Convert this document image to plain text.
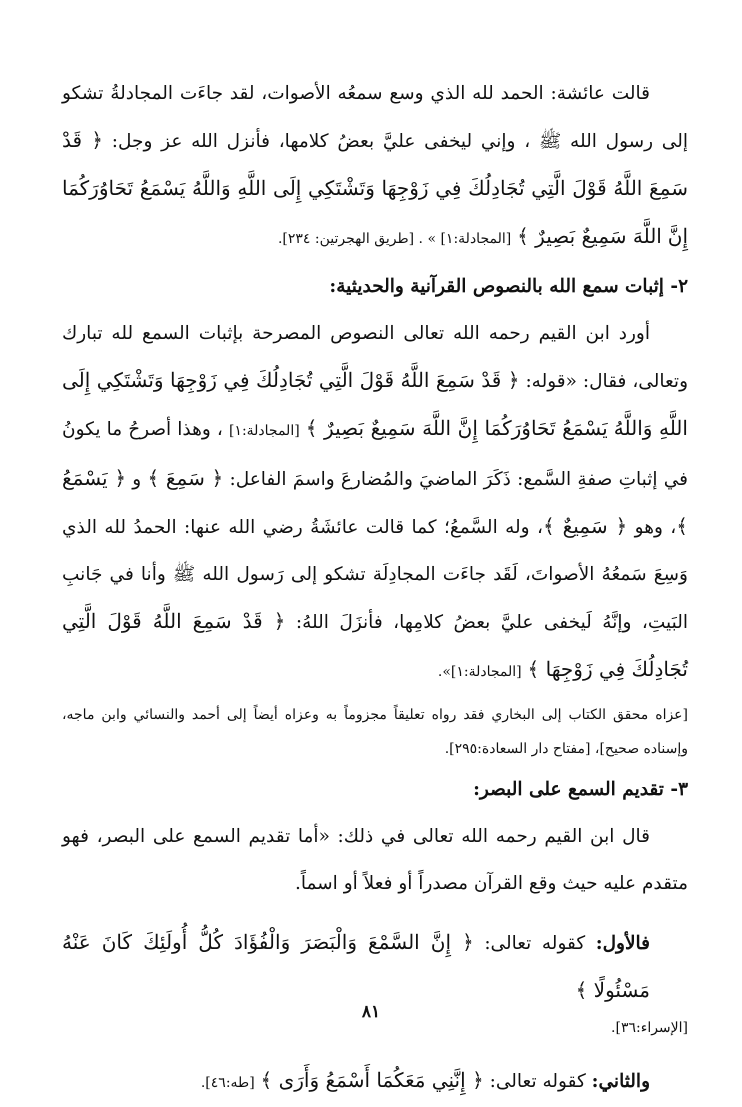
قالت عائشة: الحمد لله الذي وسع سمعُه الأصوات، لقد جاءَت المجادلةُ تشكو إلى رسول الله ﷺ ، وإني ليخفى عليَّ بعضُ كلامها، فأنزل الله عز وجل: ﴿ قَدْ سَمِعَ اللَّهُ قَوْلَ الَّتِي تُجَادِلُكَ فِي زَوْجِهَا وَتَشْتَكِي إِلَى اللَّهِ وَاللَّهُ يَسْمَعُ تَحَاوُرَكُمَا إِنَّ اللَّهَ سَمِيعٌ بَصِيرٌ ﴾ [المجادلة:١] » . [طريق الهجرتين: ٢٣٤].

٢- إثبات سمع الله بالنصوص القرآنية والحديثية:

أورد ابن القيم رحمه الله تعالى النصوص المصرحة بإثبات السمع لله تبارك وتعالى، فقال: «قوله: ﴿ قَدْ سَمِعَ اللَّهُ قَوْلَ الَّتِي تُجَادِلُكَ فِي زَوْجِهَا وَتَشْتَكِي إِلَى اللَّهِ وَاللَّهُ يَسْمَعُ تَحَاوُرَكُمَا إِنَّ اللَّهَ سَمِيعٌ بَصِيرٌ ﴾ [المجادلة:١] ، وهذا أصرحُ ما يكونُ في إثباتِ صفةِ السَّمع: ذَكَرَ الماضيَ والمُضارعَ واسمَ الفاعل: ﴿ سَمِعَ ﴾ و ﴿ يَسْمَعُ ﴾، وهو ﴿ سَمِيعٌ ﴾، وله السَّمعُ؛ كما قالت عائشَةُ رضي الله عنها: الحمدُ لله الذي وَسِعَ سَمعُهُ الأصواتَ، لَقَد جاءَت المجادِلَة تشكو إلى رَسول الله ﷺ وأنا في جَانبِ البَيتِ، وإنَّهُ لَيخفى عليَّ بعضُ كلامِها، فأنزَلَ اللهُ: ﴿ قَدْ سَمِعَ اللَّهُ قَوْلَ الَّتِي تُجَادِلُكَ فِي زَوْجِهَا ﴾ [المجادلة:١]».

[عزاه محقق الكتاب إلى البخاري فقد رواه تعليقاً مجزوماً به وعزاه أيضاً إلى أحمد والنسائي وابن ماجه، وإسناده صحيح]، [مفتاح دار السعادة:٢٩٥].

٣- تقديم السمع على البصر:

قال ابن القيم رحمه الله تعالى في ذلك: «أما تقديم السمع على البصر، فهو متقدم عليه حيث وقع القرآن مصدراً أو فعلاً أو اسماً.

فالأول: كقوله تعالى: ﴿ إِنَّ السَّمْعَ وَالْبَصَرَ وَالْفُؤَادَ كُلُّ أُولَئِكَ كَانَ عَنْهُ مَسْئُولًا ﴾

[الإسراء:٣٦].

والثاني: كقوله تعالى: ﴿ إِنَّنِي مَعَكُمَا أَسْمَعُ وَأَرَى ﴾ [طه:٤٦].

٨١
